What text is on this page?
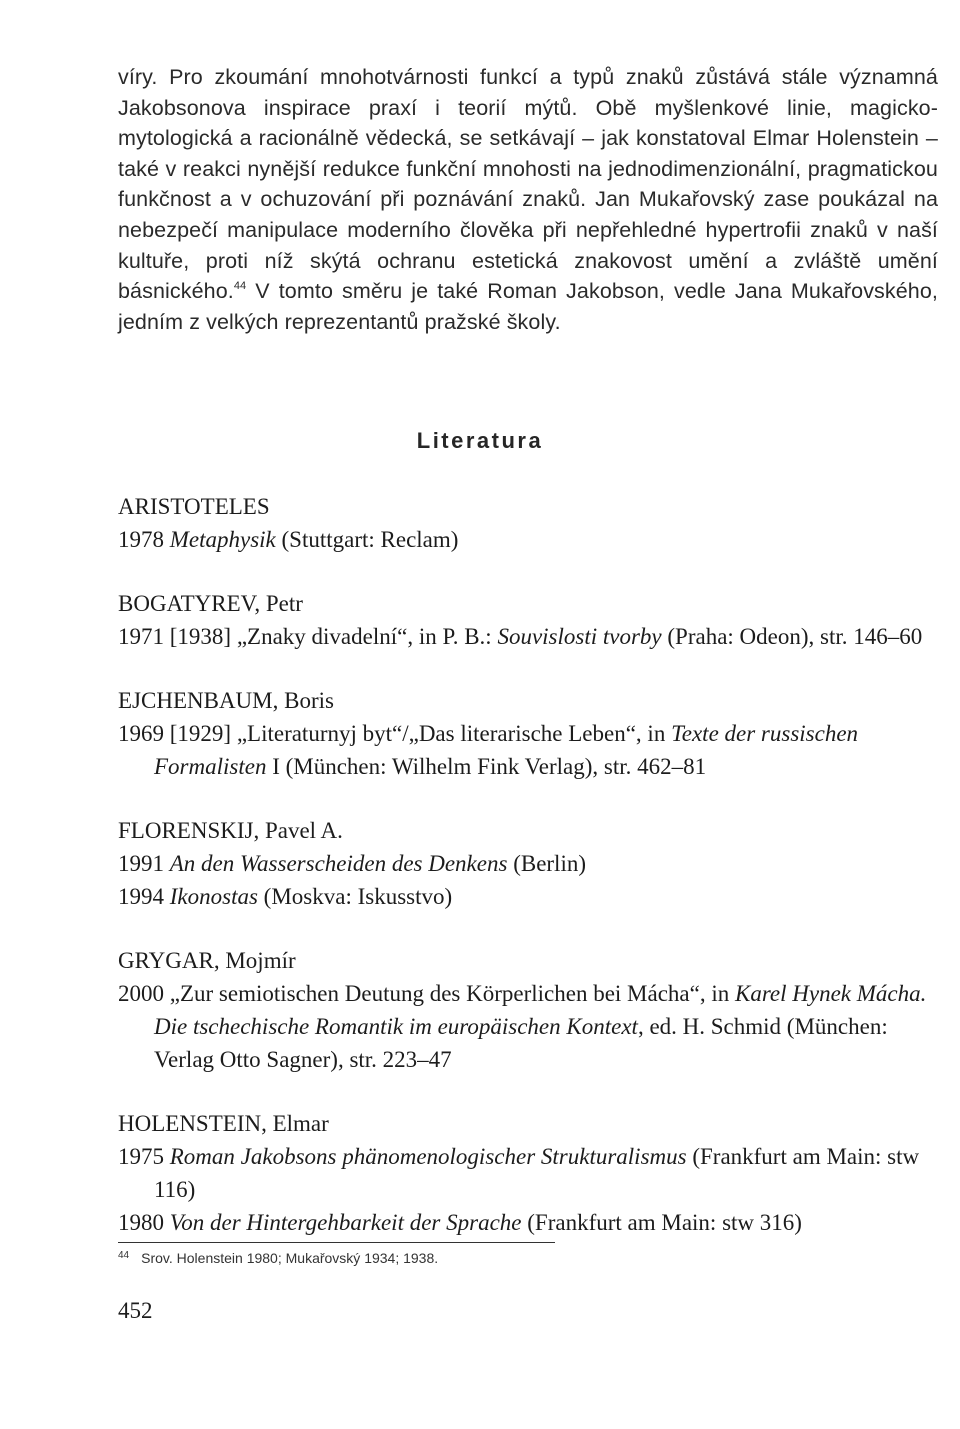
víry. Pro zkoumání mnohotvárnosti funkcí a typů znaků zůstává stále významná Jakobsonova inspirace praxí i teorií mýtů. Obě myšlenkové linie, magicko-mytologická a racionálně vědecká, se setkávají – jak konstatoval Elmar Holenstein – také v reakci nynější redukce funkční mnohosti na jednodimenzionální, pragmatickou funkčnost a v ochuzování při poznávání znaků. Jan Mukařovský zase poukázal na nebezpečí manipulace moderního člověka při nepřehledné hypertrofii znaků v naší kultuře, proti níž skýtá ochranu estetická znakovost umění a zvláště umění básnického.$^{44}$ V tomto směru je také Roman Jakobson, vedle Jana Mukařovského, jedním z velkých reprezentantů pražské školy.

Literatura

ARISTOTELES

1978 Metaphysik (Stuttgart: Reclam)

BOGATYREV, Petr

1971 [1938] „Znaky divadelní“, in P. B.: Souvislosti tvorby (Praha: Odeon), str. 146–60

EJCHENBAUM, Boris

1969 [1929] „Literaturnyj byt“/„Das literarische Leben“, in Texte der russischen Formalisten I (München: Wilhelm Fink Verlag), str. 462–81

FLORENSKIJ, Pavel A.

1991 An den Wasserscheiden des Denkens (Berlin)

1994 Ikonostas (Moskva: Iskusstvo)

GRYGAR, Mojmír

2000 „Zur semiotischen Deutung des Körperlichen bei Mácha“, in Karel Hynek Mácha. Die tschechische Romantik im europäischen Kontext, ed. H. Schmid (München: Verlag Otto Sagner), str. 223–47

HOLENSTEIN, Elmar

1975 Roman Jakobsons phänomenologischer Strukturalismus (Frankfurt am Main: stw 116)

1980 Von der Hintergehbarkeit der Sprache (Frankfurt am Main: stw 316)

$^{44}$ Srov. Holenstein 1980; Mukařovský 1934; 1938.
452
